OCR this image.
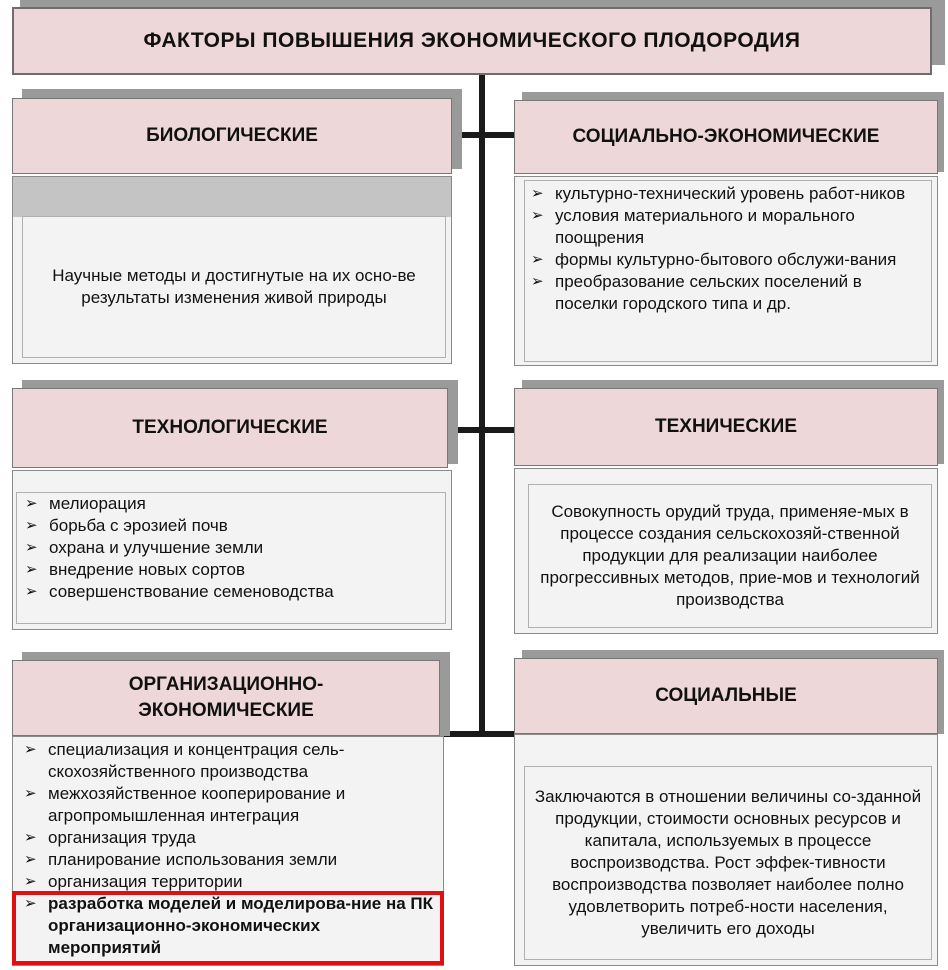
ФАКТОРЫ ПОВЫШЕНИЯ ЭКОНОМИЧЕСКОГО ПЛОДОРОДИЯ
БИОЛОГИЧЕСКИЕ
Научные методы и достигнутые на их осно-ве результаты изменения живой природы
СОЦИАЛЬНО-ЭКОНОМИЧЕСКИЕ
➢ культурно-технический уровень работ-ников
➢ условия материального и морального поощрения
➢ формы культурно-бытового обслужи-вания
➢ преобразование сельских поселений в поселки городского типа и др.
ТЕХНОЛОГИЧЕСКИЕ
➢ мелиорация
➢ борьба с эрозией почв
➢ охрана и улучшение земли
➢ внедрение новых сортов
➢ совершенствование семеноводства
ТЕХНИЧЕСКИЕ
Совокупность орудий труда, применяе-мых в процессе создания сельскохозяй-ственной продукции для реализации наиболее прогрессивных методов, прие-мов и технологий производства
ОРГАНИЗАЦИОННО-
ЭКОНОМИЧЕСКИЕ
➢ специализация и концентрация сель-скохозяйственного производства
➢ межхозяйственное кооперирование и агропромышленная интеграция
➢ организация труда
➢ планирование использования земли
➢ организация территории
➢ разработка моделей и моделирова-ние на ПК организационно-экономических мероприятий
СОЦИАЛЬНЫЕ
Заключаются в отношении величины со-зданной продукции, стоимости основных ресурсов и капитала, используемых в процессе воспроизводства. Рост эффек-тивности воспроизводства позволяет наиболее полно удовлетворить потреб-ности населения, увеличить его доходы
